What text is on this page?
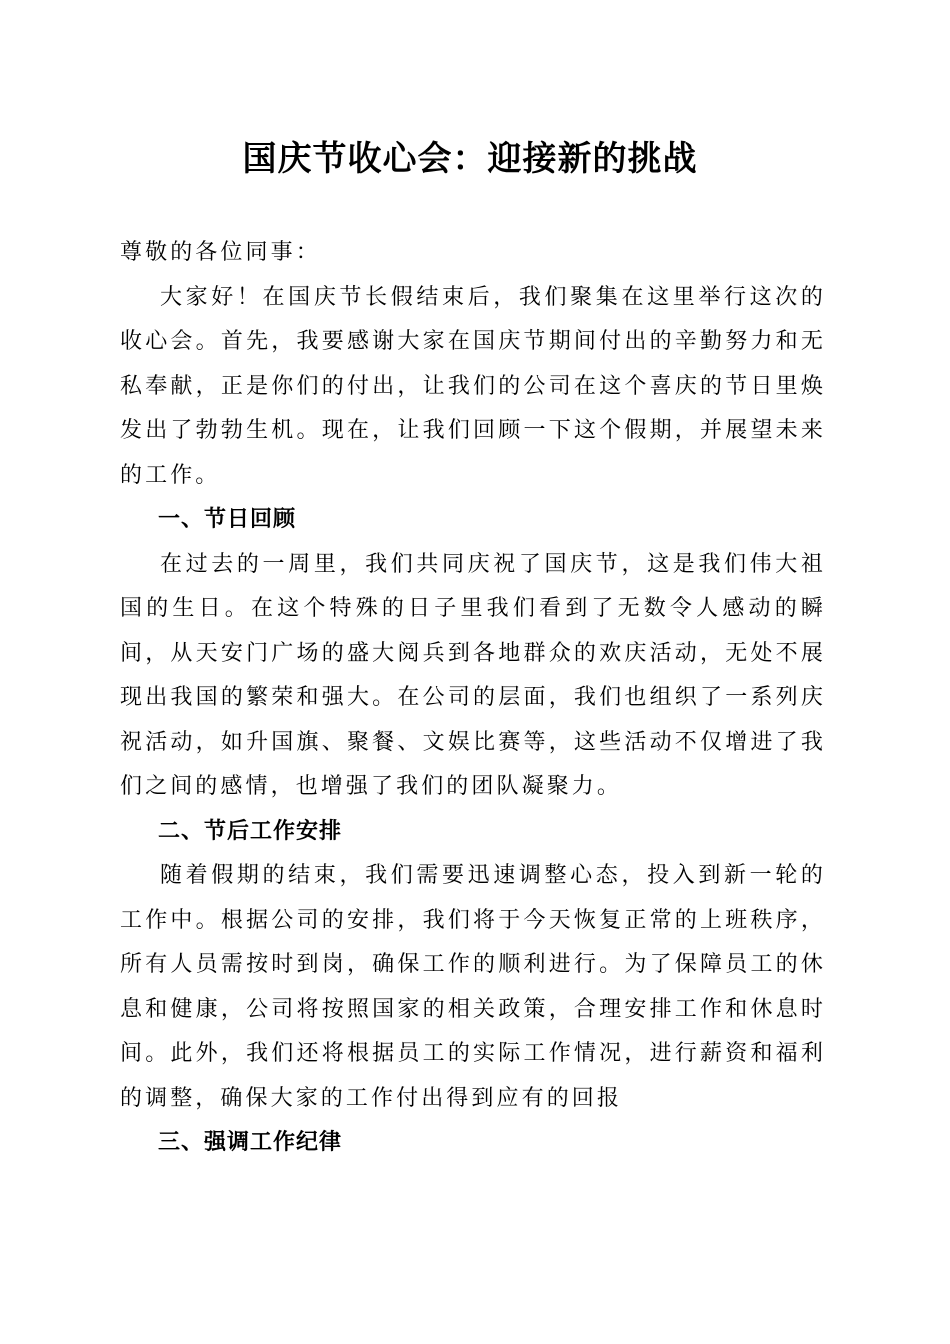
国庆节收心会：迎接新的挑战

尊敬的各位同事：

大家好！在国庆节长假结束后，我们聚集在这里举行这次的收心会。首先，我要感谢大家在国庆节期间付出的辛勤努力和无私奉献，正是你们的付出，让我们的公司在这个喜庆的节日里焕发出了勃勃生机。现在，让我们回顾一下这个假期，并展望未来的工作。

一、节日回顾

在过去的一周里，我们共同庆祝了国庆节，这是我们伟大祖国的生日。在这个特殊的日子里我们看到了无数令人感动的瞬间，从天安门广场的盛大阅兵到各地群众的欢庆活动，无处不展现出我国的繁荣和强大。在公司的层面，我们也组织了一系列庆祝活动，如升国旗、聚餐、文娱比赛等，这些活动不仅增进了我们之间的感情，也增强了我们的团队凝聚力。

二、节后工作安排

随着假期的结束，我们需要迅速调整心态，投入到新一轮的工作中。根据公司的安排，我们将于今天恢复正常的上班秩序，所有人员需按时到岗，确保工作的顺利进行。为了保障员工的休息和健康，公司将按照国家的相关政策，合理安排工作和休息时间。此外，我们还将根据员工的实际工作情况，进行薪资和福利的调整，确保大家的工作付出得到应有的回报

三、强调工作纪律
